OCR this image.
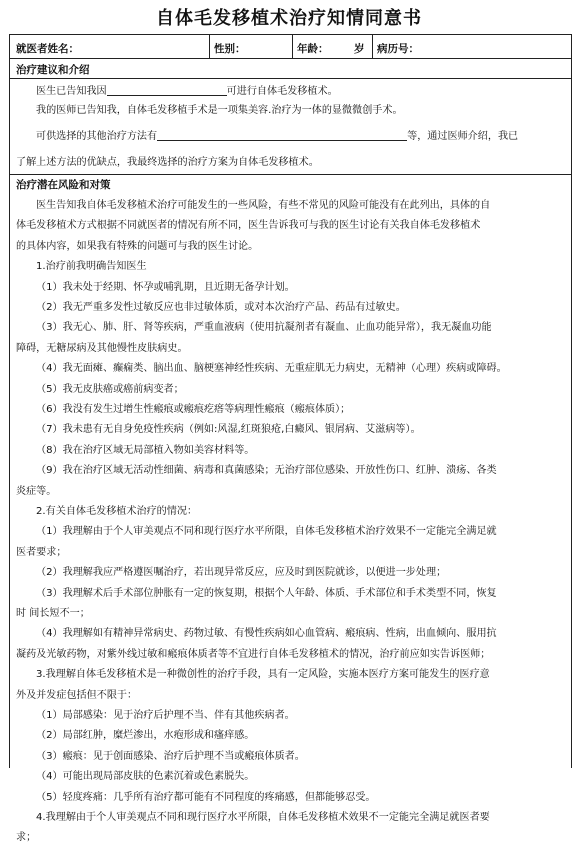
自体毛发移植术治疗知情同意书
就医者姓名：	性别：	年龄： 岁 病历号：
治疗建议和介绍
医生已告知我因	可进行自体毛发移植术。
我的医师已告知我，自体毛发移植手术是一项集美容.治疗为一体的显微微创手术。
可供选择的其他治疗方法有	等，通过医师介绍，我已
了解上述方法的优缺点，我最终选择的治疗方案为自体毛发移植术。
治疗潜在风险和对策
医生告知我自体毛发移植术治疗可能发生的一些风险，有些不常见的风险可能没有在此列出，具体的自
体毛发移植术方式根据不同就医者的情况有所不同，医生告诉我可与我的医生讨论有关我自体毛发移植术
的具体内容，如果我有特殊的问题可与我的医生讨论。
1.治疗前我明确告知医生
（1）我未处于经期、怀孕或哺乳期，且近期无备孕计划。
（2）我无严重多发性过敏反应也非过敏体质，或对本次治疗产品、药品有过敏史。
（3）我无心、肺、肝、肾等疾病，严重血液病（使用抗凝剂者有凝血、止血功能异常），我无凝血功能
障碍，无糖尿病及其他慢性皮肤病史。
（4）我无面瘫、癫痫类、脑出血、脑梗塞神经性疾病、无重症肌无力病史，无精神（心理）疾病或障碍。
（5）我无皮肤癌或癌前病变者；
（6）我没有发生过增生性瘢痕或瘢痕疙瘩等病理性瘢痕（瘢痕体质）；
（7）我未患有无自身免疫性疾病（例如:风湿,红斑狼疮,白癜风、银屑病、艾滋病等）。
（8）我在治疗区域无局部植入物如美容材料等。
（9）我在治疗区域无活动性细菌、病毒和真菌感染；无治疗部位感染、开放性伤口、红肿、溃疡、各类
炎症等。
2.有关自体毛发移植术治疗的情况：
（1）我理解由于个人审美观点不同和现行医疗水平所限，自体毛发移植术治疗效果不一定能完全满足就
医者要求；
（2）我理解我应严格遵医嘱治疗，若出现异常反应，应及时到医院就诊，以便进一步处理；
（3）我理解术后手术部位肿胀有一定的恢复期，根据个人年龄、体质、手术部位和手术类型不同，恢复
时 间长短不一；
（4）我理解如有精神异常病史、药物过敏、有慢性疾病如心血管病、瘢痕病、性病，出血倾向、服用抗
凝药及光敏药物，对紫外线过敏和瘢痕体质者等不宜进行自体毛发移植术的情况，治疗前应如实告诉医师；
3.我理解自体毛发移植术是一种微创性的治疗手段，具有一定风险，实施本医疗方案可能发生的医疗意
外及并发症包括但不限于：
（1）局部感染：见于治疗后护理不当、伴有其他疾病者。
（2）局部红肿，糜烂渗出，水疱形成和瘙痒感。
（3）瘢痕：见于创面感染、治疗后护理不当或瘢痕体质者。
（4）可能出现局部皮肤的色素沉着或色素脱失。
（5）轻度疼痛：几乎所有治疗都可能有不同程度的疼痛感，但都能够忍受。
4.我理解由于个人审美观点不同和现行医疗水平所限，自体毛发移植术效果不一定能完全满足就医者要
求；
